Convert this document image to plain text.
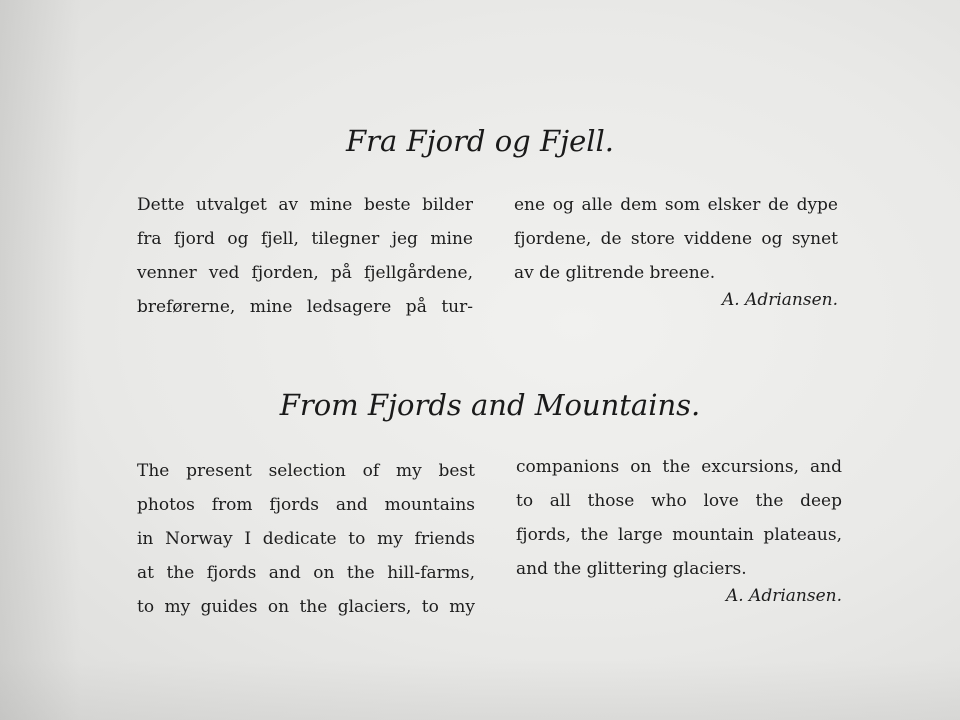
Fra Fjord og Fjell.
Dette utvalget av mine beste bilder
fra fjord og fjell, tilegner jeg mine
venner ved fjorden, på fjellgårdene,
breførerne, mine ledsagere på tur-
ene og alle dem som elsker de dype
fjordene, de store viddene og synet
av de glitrende breene.
A. Adriansen.
From Fjords and Mountains.
The present selection of my best
photos from fjords and mountains
in Norway I dedicate to my friends
at the fjords and on the hill-farms,
to my guides on the glaciers, to my
companions on the excursions, and
to all those who love the deep
fjords, the large mountain plateaus,
and the glittering glaciers.
A. Adriansen.
